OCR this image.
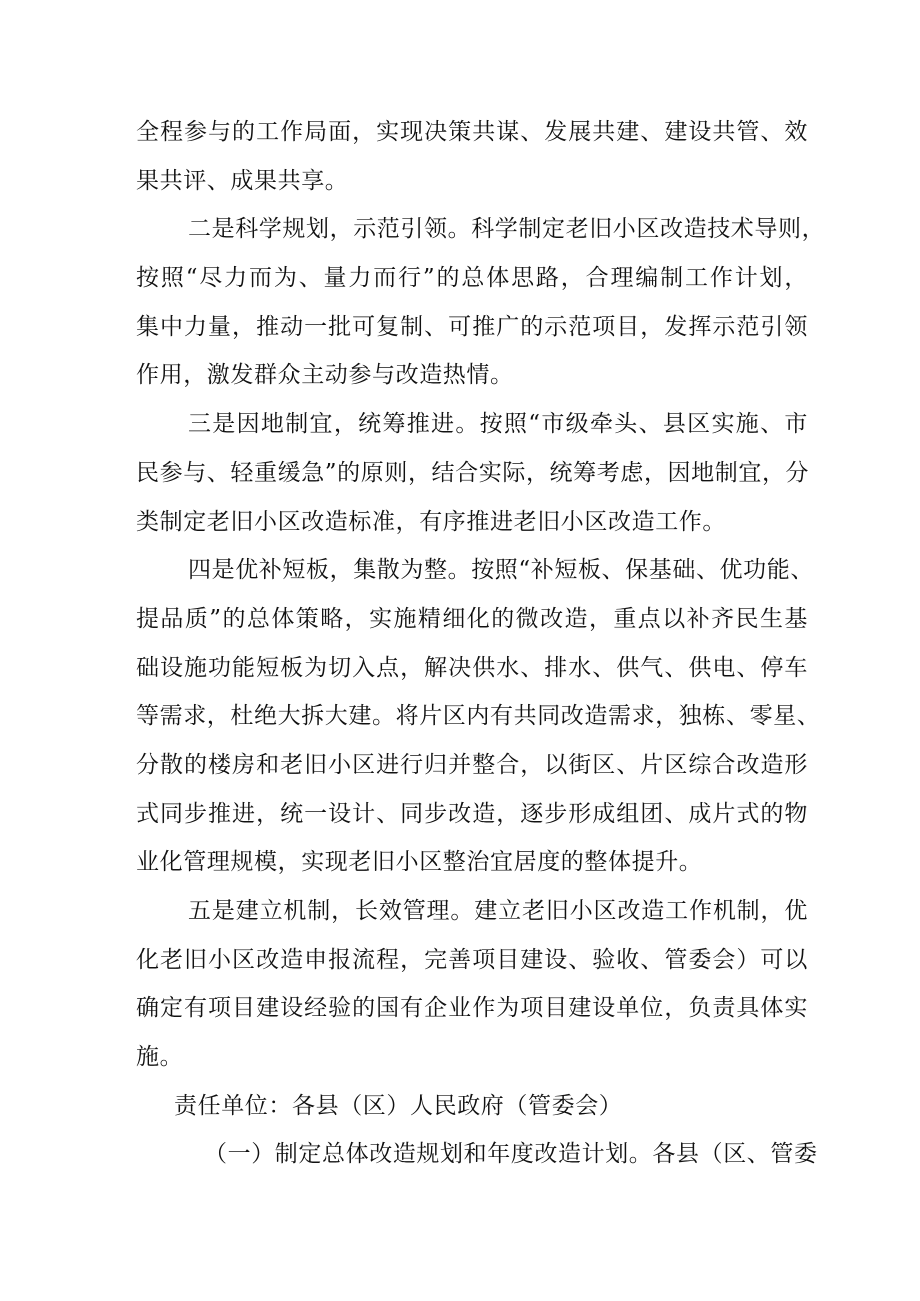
全程参与的工作局面，实现决策共谋、发展共建、建设共管、效
果共评、成果共享。
二是科学规划，示范引领。科学制定老旧小区改造技术导则，
按照“尽力而为、量力而行”的总体思路，合理编制工作计划，
集中力量，推动一批可复制、可推广的示范项目，发挥示范引领
作用，激发群众主动参与改造热情。
三是因地制宜，统筹推进。按照“市级牵头、县区实施、市
民参与、轻重缓急”的原则，结合实际，统筹考虑，因地制宜，分
类制定老旧小区改造标准，有序推进老旧小区改造工作。
四是优补短板，集散为整。按照“补短板、保基础、优功能、
提品质”的总体策略，实施精细化的微改造，重点以补齐民生基
础设施功能短板为切入点，解决供水、排水、供气、供电、停车
等需求，杜绝大拆大建。将片区内有共同改造需求，独栋、零星、
分散的楼房和老旧小区进行归并整合，以街区、片区综合改造形
式同步推进，统一设计、同步改造，逐步形成组团、成片式的物
业化管理规模，实现老旧小区整治宜居度的整体提升。
五是建立机制，长效管理。建立老旧小区改造工作机制，优
化老旧小区改造申报流程，完善项目建设、验收、管委会）可以
确定有项目建设经验的国有企业作为项目建设单位，负责具体实
施。
责任单位：各县（区）人民政府（管委会）
（一）制定总体改造规划和年度改造计划。各县（区、管委
